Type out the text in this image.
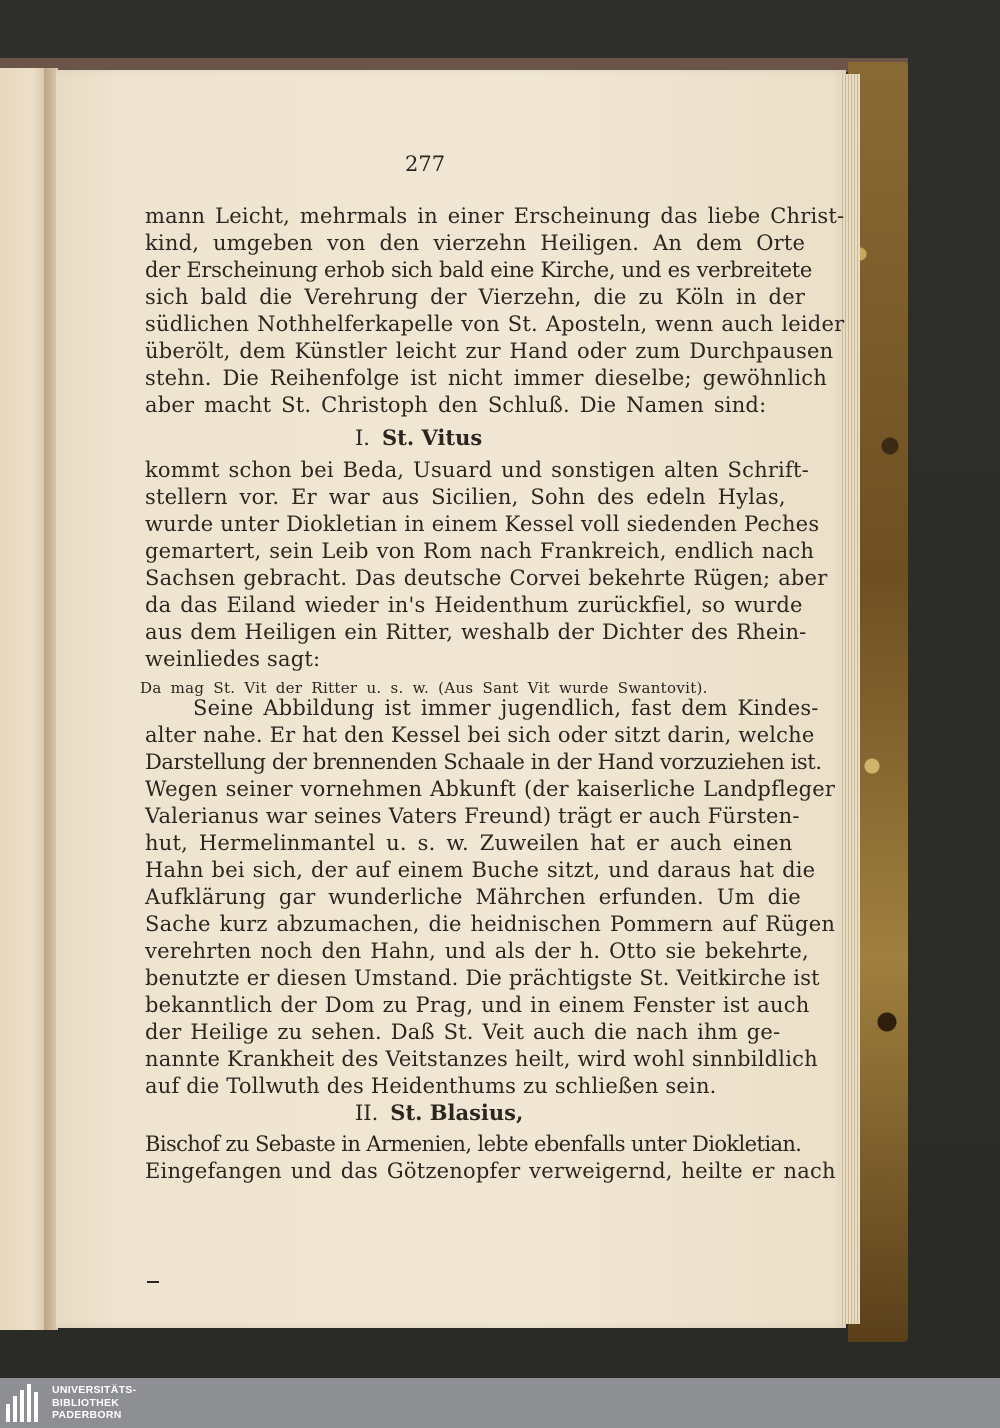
277
mann Leicht, mehrmals in einer Erscheinung das liebe Christ-
kind, umgeben von den vierzehn Heiligen. An dem Orte
der Erscheinung erhob sich bald eine Kirche, und es verbreitete
sich bald die Verehrung der Vierzehn, die zu Köln in der
südlichen Nothhelferkapelle von St. Aposteln, wenn auch leider
überölt, dem Künstler leicht zur Hand oder zum Durchpausen
stehn. Die Reihenfolge ist nicht immer dieselbe; gewöhnlich
aber macht St. Christoph den Schluß. Die Namen sind:
I. St. Vitus
kommt schon bei Beda, Usuard und sonstigen alten Schrift-
stellern vor. Er war aus Sicilien, Sohn des edeln Hylas,
wurde unter Diokletian in einem Kessel voll siedenden Peches
gemartert, sein Leib von Rom nach Frankreich, endlich nach
Sachsen gebracht. Das deutsche Corvei bekehrte Rügen; aber
da das Eiland wieder in's Heidenthum zurückfiel, so wurde
aus dem Heiligen ein Ritter, weshalb der Dichter des Rhein-
weinliedes sagt:
Da mag St. Vit der Ritter u. s. w. (Aus Sant Vit wurde Swantovit).
Seine Abbildung ist immer jugendlich, fast dem Kindes-
alter nahe. Er hat den Kessel bei sich oder sitzt darin, welche
Darstellung der brennenden Schaale in der Hand vorzuziehen ist.
Wegen seiner vornehmen Abkunft (der kaiserliche Landpfleger
Valerianus war seines Vaters Freund) trägt er auch Fürsten-
hut, Hermelinmantel u. s. w. Zuweilen hat er auch einen
Hahn bei sich, der auf einem Buche sitzt, und daraus hat die
Aufklärung gar wunderliche Mährchen erfunden. Um die
Sache kurz abzumachen, die heidnischen Pommern auf Rügen
verehrten noch den Hahn, und als der h. Otto sie bekehrte,
benutzte er diesen Umstand. Die prächtigste St. Veitkirche ist
bekanntlich der Dom zu Prag, und in einem Fenster ist auch
der Heilige zu sehen. Daß St. Veit auch die nach ihm ge-
nannte Krankheit des Veitstanzes heilt, wird wohl sinnbildlich
auf die Tollwuth des Heidenthums zu schließen sein.
II. St. Blasius,
Bischof zu Sebaste in Armenien, lebte ebenfalls unter Diokletian.
Eingefangen und das Götzenopfer verweigernd, heilte er nach
UNIVERSITÄTS-
BIBLIOTHEK
PADERBORN
